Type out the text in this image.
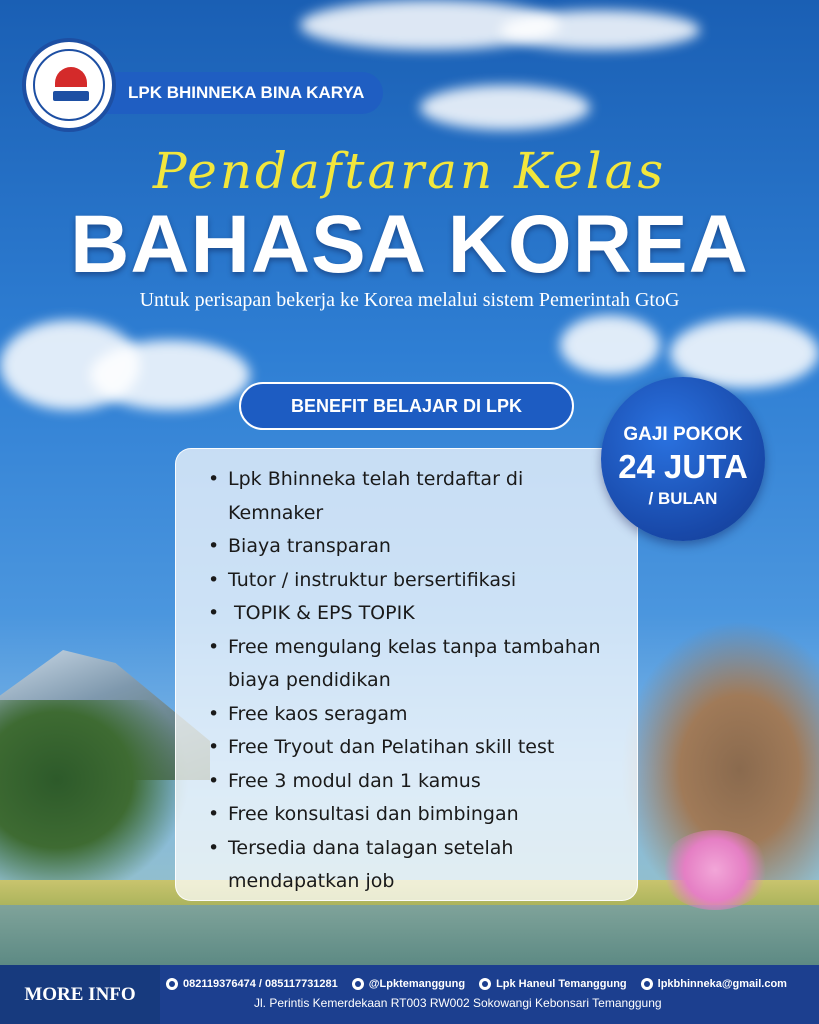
LPK BHINNEKA BINA KARYA
Pendaftaran Kelas
BAHASA KOREA
Untuk perisapan bekerja ke Korea melalui sistem Pemerintah GtoG
BENEFIT BELAJAR DI LPK
• Lpk Bhinneka telah terdaftar di Kemnaker
• Biaya transparan
• Tutor / instruktur bersertifikasi
•  TOPIK & EPS TOPIK
• Free mengulang kelas tanpa tambahan biaya pendidikan
• Free kaos seragam
• Free Tryout dan Pelatihan skill test
• Free 3 modul dan 1 kamus
• Free konsultasi dan bimbingan
• Tersedia dana talagan setelah mendapatkan job
GAJI POKOK
24 JUTA
/ BULAN
MORE INFO	082119376474 / 085117731281	@Lpktemanggung	Lpk Haneul Temanggung	lpkbhinneka@gmail.com
Jl. Perintis Kemerdekaan RT003 RW002 Sokowangi Kebonsari Temanggung
